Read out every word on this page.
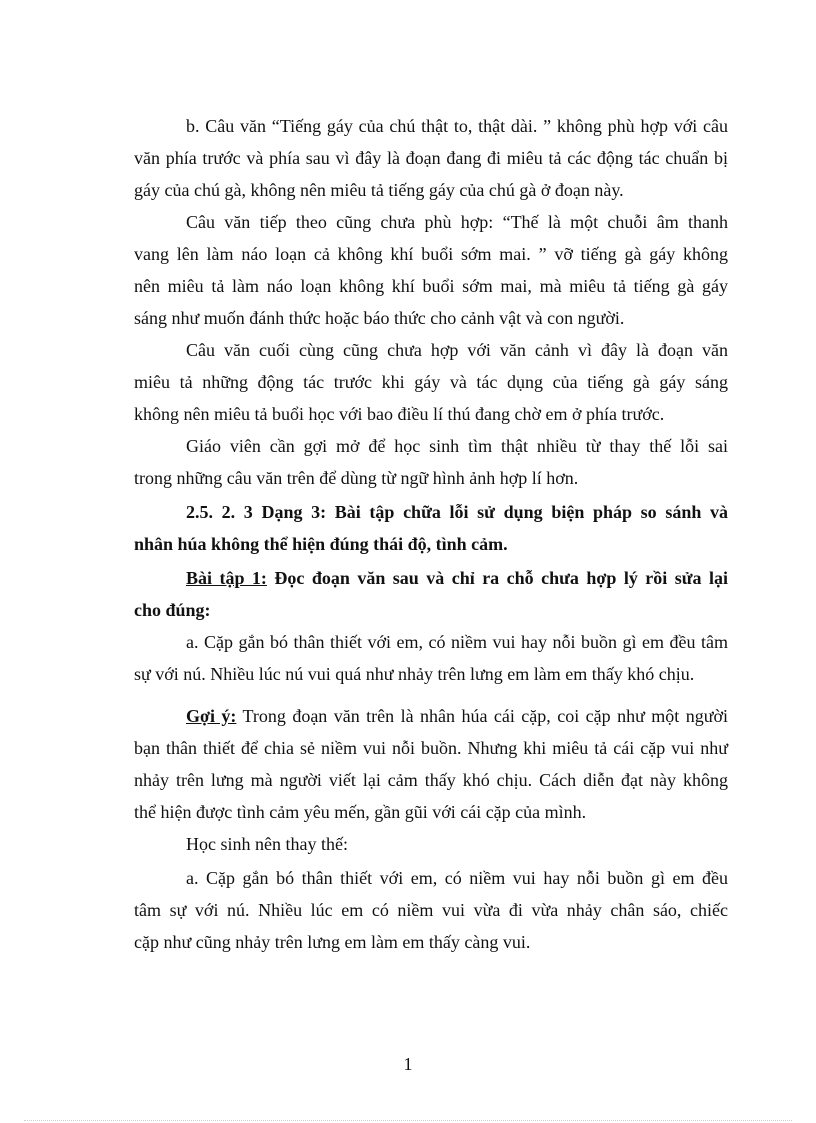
b. Câu văn “Tiếng gáy của chú thật to, thật dài. ” không phù hợp với câu
văn phía trước và phía sau vì đây là đoạn đang đi miêu tả các động tác chuẩn bị
gáy của chú gà, không nên miêu tả tiếng gáy của chú gà ở đoạn này.
Câu văn tiếp theo cũng chưa phù hợp: “Thế là một chuỗi âm thanh
vang lên làm náo loạn cả không khí buổi sớm mai. ” vỡ tiếng gà gáy không
nên miêu tả làm náo loạn không khí buổi sớm mai, mà miêu tả tiếng gà gáy
sáng như muốn đánh thức hoặc báo thức cho cảnh vật và con người.
Câu văn cuối cùng cũng chưa hợp với văn cảnh vì đây là đoạn văn
miêu tả những động tác trước khi gáy và tác dụng của tiếng gà gáy sáng
không nên miêu tả buổi học với bao điều lí thú đang chờ em ở phía trước.
Giáo viên cần gợi mở để học sinh tìm thật nhiều từ thay thế lỗi sai
trong những câu văn trên để dùng từ ngữ hình ảnh hợp lí hơn.
2.5. 2. 3 Dạng 3: Bài tập chữa lỗi sử dụng biện pháp so sánh và
nhân húa không thể hiện đúng thái độ, tình cảm.
Bài tập 1: Đọc đoạn văn sau và chỉ ra chỗ chưa hợp lý rồi sửa lại
cho đúng:
a. Cặp gắn bó thân thiết với em, có niềm vui hay nỗi buồn gì em đều tâm
sự với nú. Nhiều lúc nú vui quá như nhảy trên lưng em làm em thấy khó chịu.
Gợi ý: Trong đoạn văn trên là nhân húa cái cặp, coi cặp như một người
bạn thân thiết để chia sẻ niềm vui nỗi buồn. Nhưng khi miêu tả cái cặp vui như
nhảy trên lưng mà người viết lại cảm thấy khó chịu. Cách diễn đạt này không
thể hiện được tình cảm yêu mến, gần gũi với cái cặp của mình.
Học sinh nên thay thế:
a. Cặp gắn bó thân thiết với em, có niềm vui hay nỗi buồn gì em đều
tâm sự với nú. Nhiều lúc em có niềm vui vừa đi vừa nhảy chân sáo, chiếc
cặp như cũng nhảy trên lưng em làm em thấy càng vui.
1
